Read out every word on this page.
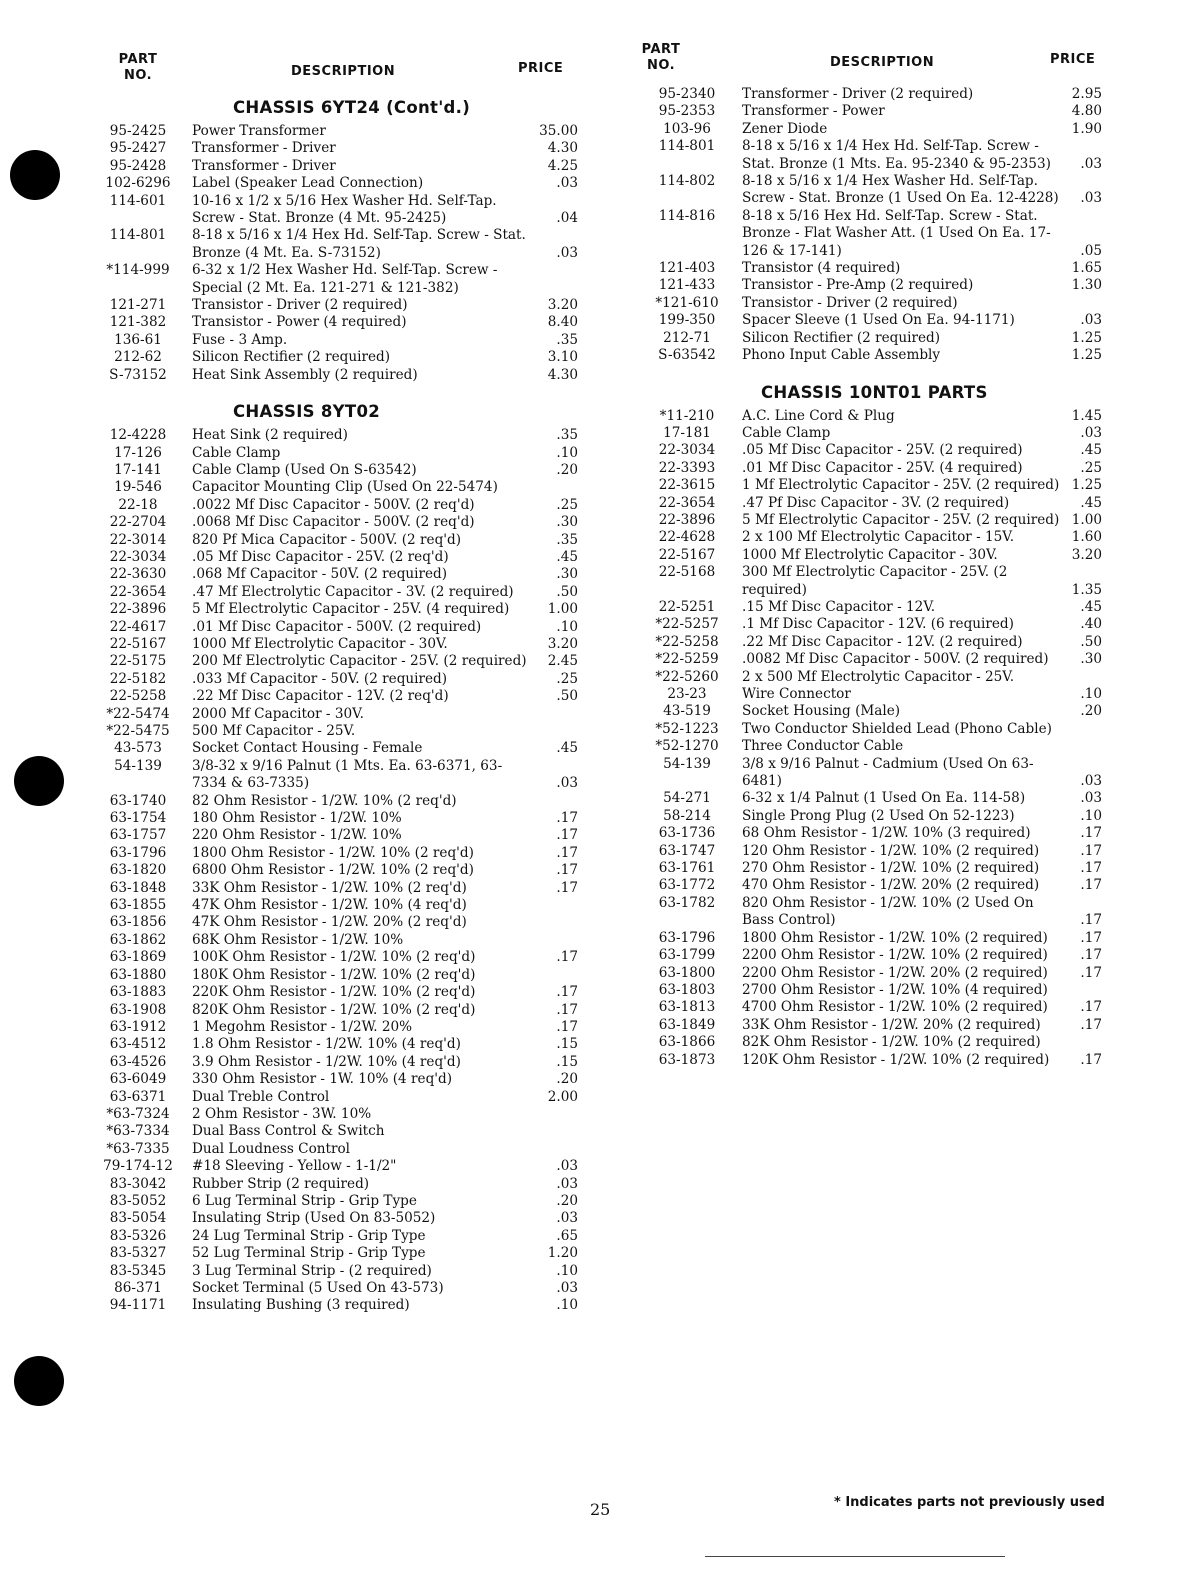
PART
NO.	DESCRIPTION	PRICE
CHASSIS 6YT24 (Cont'd.)
95-2425	Power Transformer	35.00
95-2427	Transformer - Driver	4.30
95-2428	Transformer - Driver	4.25
102-6296	Label (Speaker Lead Connection)	.03
114-601	10-16 x 1/2 x 5/16 Hex Washer Hd. Self-Tap. Screw - Stat. Bronze (4 Mt. 95-2425)	.04
114-801	8-18 x 5/16 x 1/4 Hex Hd. Self-Tap. Screw - Stat. Bronze (4 Mt. Ea. S-73152)	.03
*114-999	6-32 x 1/2 Hex Washer Hd. Self-Tap. Screw - Special (2 Mt. Ea. 121-271 & 121-382)
121-271	Transistor - Driver (2 required)	3.20
121-382	Transistor - Power (4 required)	8.40
136-61	Fuse - 3 Amp.	.35
212-62	Silicon Rectifier (2 required)	3.10
S-73152	Heat Sink Assembly (2 required)	4.30
CHASSIS 8YT02
12-4228	Heat Sink (2 required)	.35
17-126	Cable Clamp	.10
17-141	Cable Clamp (Used On S-63542)	.20
19-546	Capacitor Mounting Clip (Used On 22-5474)
22-18	.0022 Mf Disc Capacitor - 500V. (2 req'd)	.25
22-2704	.0068 Mf Disc Capacitor - 500V. (2 req'd)	.30
22-3014	820 Pf Mica Capacitor - 500V. (2 req'd)	.35
22-3034	.05 Mf Disc Capacitor - 25V. (2 req'd)	.45
22-3630	.068 Mf Capacitor - 50V. (2 required)	.30
22-3654	.47 Mf Electrolytic Capacitor - 3V. (2 required)	.50
22-3896	5 Mf Electrolytic Capacitor - 25V. (4 required)	1.00
22-4617	.01 Mf Disc Capacitor - 500V. (2 required)	.10
22-5167	1000 Mf Electrolytic Capacitor - 30V.	3.20
22-5175	200 Mf Electrolytic Capacitor - 25V. (2 required)	2.45
22-5182	.033 Mf Capacitor - 50V. (2 required)	.25
22-5258	.22 Mf Disc Capacitor - 12V. (2 req'd)	.50
*22-5474	2000 Mf Capacitor - 30V.
*22-5475	500 Mf Capacitor - 25V.
43-573	Socket Contact Housing - Female	.45
54-139	3/8-32 x 9/16 Palnut (1 Mts. Ea. 63-6371, 63-7334 & 63-7335)	.03
63-1740	82 Ohm Resistor - 1/2W. 10% (2 req'd)
63-1754	180 Ohm Resistor - 1/2W. 10%	.17
63-1757	220 Ohm Resistor - 1/2W. 10%	.17
63-1796	1800 Ohm Resistor - 1/2W. 10% (2 req'd)	.17
63-1820	6800 Ohm Resistor - 1/2W. 10% (2 req'd)	.17
63-1848	33K Ohm Resistor - 1/2W. 10% (2 req'd)	.17
63-1855	47K Ohm Resistor - 1/2W. 10% (4 req'd)
63-1856	47K Ohm Resistor - 1/2W. 20% (2 req'd)
63-1862	68K Ohm Resistor - 1/2W. 10%
63-1869	100K Ohm Resistor - 1/2W. 10% (2 req'd)	.17
63-1880	180K Ohm Resistor - 1/2W. 10% (2 req'd)
63-1883	220K Ohm Resistor - 1/2W. 10% (2 req'd)	.17
63-1908	820K Ohm Resistor - 1/2W. 10% (2 req'd)	.17
63-1912	1 Megohm Resistor - 1/2W. 20%	.17
63-4512	1.8 Ohm Resistor - 1/2W. 10% (4 req'd)	.15
63-4526	3.9 Ohm Resistor - 1/2W. 10% (4 req'd)	.15
63-6049	330 Ohm Resistor - 1W. 10% (4 req'd)	.20
63-6371	Dual Treble Control	2.00
*63-7324	2 Ohm Resistor - 3W. 10%
*63-7334	Dual Bass Control & Switch
*63-7335	Dual Loudness Control
79-174-12	#18 Sleeving - Yellow - 1-1/2"	.03
83-3042	Rubber Strip (2 required)	.03
83-5052	6 Lug Terminal Strip - Grip Type	.20
83-5054	Insulating Strip (Used On 83-5052)	.03
83-5326	24 Lug Terminal Strip - Grip Type	.65
83-5327	52 Lug Terminal Strip - Grip Type	1.20
83-5345	3 Lug Terminal Strip - (2 required)	.10
86-371	Socket Terminal (5 Used On 43-573)	.03
94-1171	Insulating Bushing (3 required)	.10
PART
NO.	DESCRIPTION	PRICE
95-2340	Transformer - Driver (2 required)	2.95
95-2353	Transformer - Power	4.80
103-96	Zener Diode	1.90
114-801	8-18 x 5/16 x 1/4 Hex Hd. Self-Tap. Screw - Stat. Bronze (1 Mts. Ea. 95-2340 & 95-2353)	.03
114-802	8-18 x 5/16 x 1/4 Hex Washer Hd. Self-Tap. Screw - Stat. Bronze (1 Used On Ea. 12-4228)	.03
114-816	8-18 x 5/16 Hex Hd. Self-Tap. Screw - Stat. Bronze - Flat Washer Att. (1 Used On Ea. 17-126 & 17-141)	.05
121-403	Transistor (4 required)	1.65
121-433	Transistor - Pre-Amp (2 required)	1.30
*121-610	Transistor - Driver (2 required)
199-350	Spacer Sleeve (1 Used On Ea. 94-1171)	.03
212-71	Silicon Rectifier (2 required)	1.25
S-63542	Phono Input Cable Assembly	1.25
CHASSIS 10NT01 PARTS
*11-210	A.C. Line Cord & Plug	1.45
17-181	Cable Clamp	.03
22-3034	.05 Mf Disc Capacitor - 25V. (2 required)	.45
22-3393	.01 Mf Disc Capacitor - 25V. (4 required)	.25
22-3615	1 Mf Electrolytic Capacitor - 25V. (2 required) 1.25
22-3654	.47 Pf Disc Capacitor - 3V. (2 required)	.45
22-3896	5 Mf Electrolytic Capacitor - 25V. (2 required) 1.00
22-4628	2 x 100 Mf Electrolytic Capacitor - 15V.	1.60
22-5167	1000 Mf Electrolytic Capacitor - 30V.	3.20
22-5168	300 Mf Electrolytic Capacitor - 25V. (2 required)	1.35
22-5251	.15 Mf Disc Capacitor - 12V.	.45
*22-5257	.1 Mf Disc Capacitor - 12V. (6 required)	.40
*22-5258	.22 Mf Disc Capacitor - 12V. (2 required)	.50
*22-5259	.0082 Mf Disc Capacitor - 500V. (2 required)	.30
*22-5260	2 x 500 Mf Electrolytic Capacitor - 25V.
23-23	Wire Connector	.10
43-519	Socket Housing (Male)	.20
*52-1223	Two Conductor Shielded Lead (Phono Cable)
*52-1270	Three Conductor Cable
54-139	3/8 x 9/16 Palnut - Cadmium (Used On 63-6481)	.03
54-271	6-32 x 1/4 Palnut (1 Used On Ea. 114-58)	.03
58-214	Single Prong Plug (2 Used On 52-1223)	.10
63-1736	68 Ohm Resistor - 1/2W. 10% (3 required)	.17
63-1747	120 Ohm Resistor - 1/2W. 10% (2 required)	.17
63-1761	270 Ohm Resistor - 1/2W. 10% (2 required)	.17
63-1772	470 Ohm Resistor - 1/2W. 20% (2 required)	.17
63-1782	820 Ohm Resistor - 1/2W. 10% (2 Used On Bass Control)	.17
63-1796	1800 Ohm Resistor - 1/2W. 10% (2 required)	.17
63-1799	2200 Ohm Resistor - 1/2W. 10% (2 required)	.17
63-1800	2200 Ohm Resistor - 1/2W. 20% (2 required)	.17
63-1803	2700 Ohm Resistor - 1/2W. 10% (4 required)
63-1813	4700 Ohm Resistor - 1/2W. 10% (2 required)	.17
63-1849	33K Ohm Resistor - 1/2W. 20% (2 required)	.17
63-1866	82K Ohm Resistor - 1/2W. 10% (2 required)
63-1873	120K Ohm Resistor - 1/2W. 10% (2 required)	.17
25	* Indicates parts not previously used
